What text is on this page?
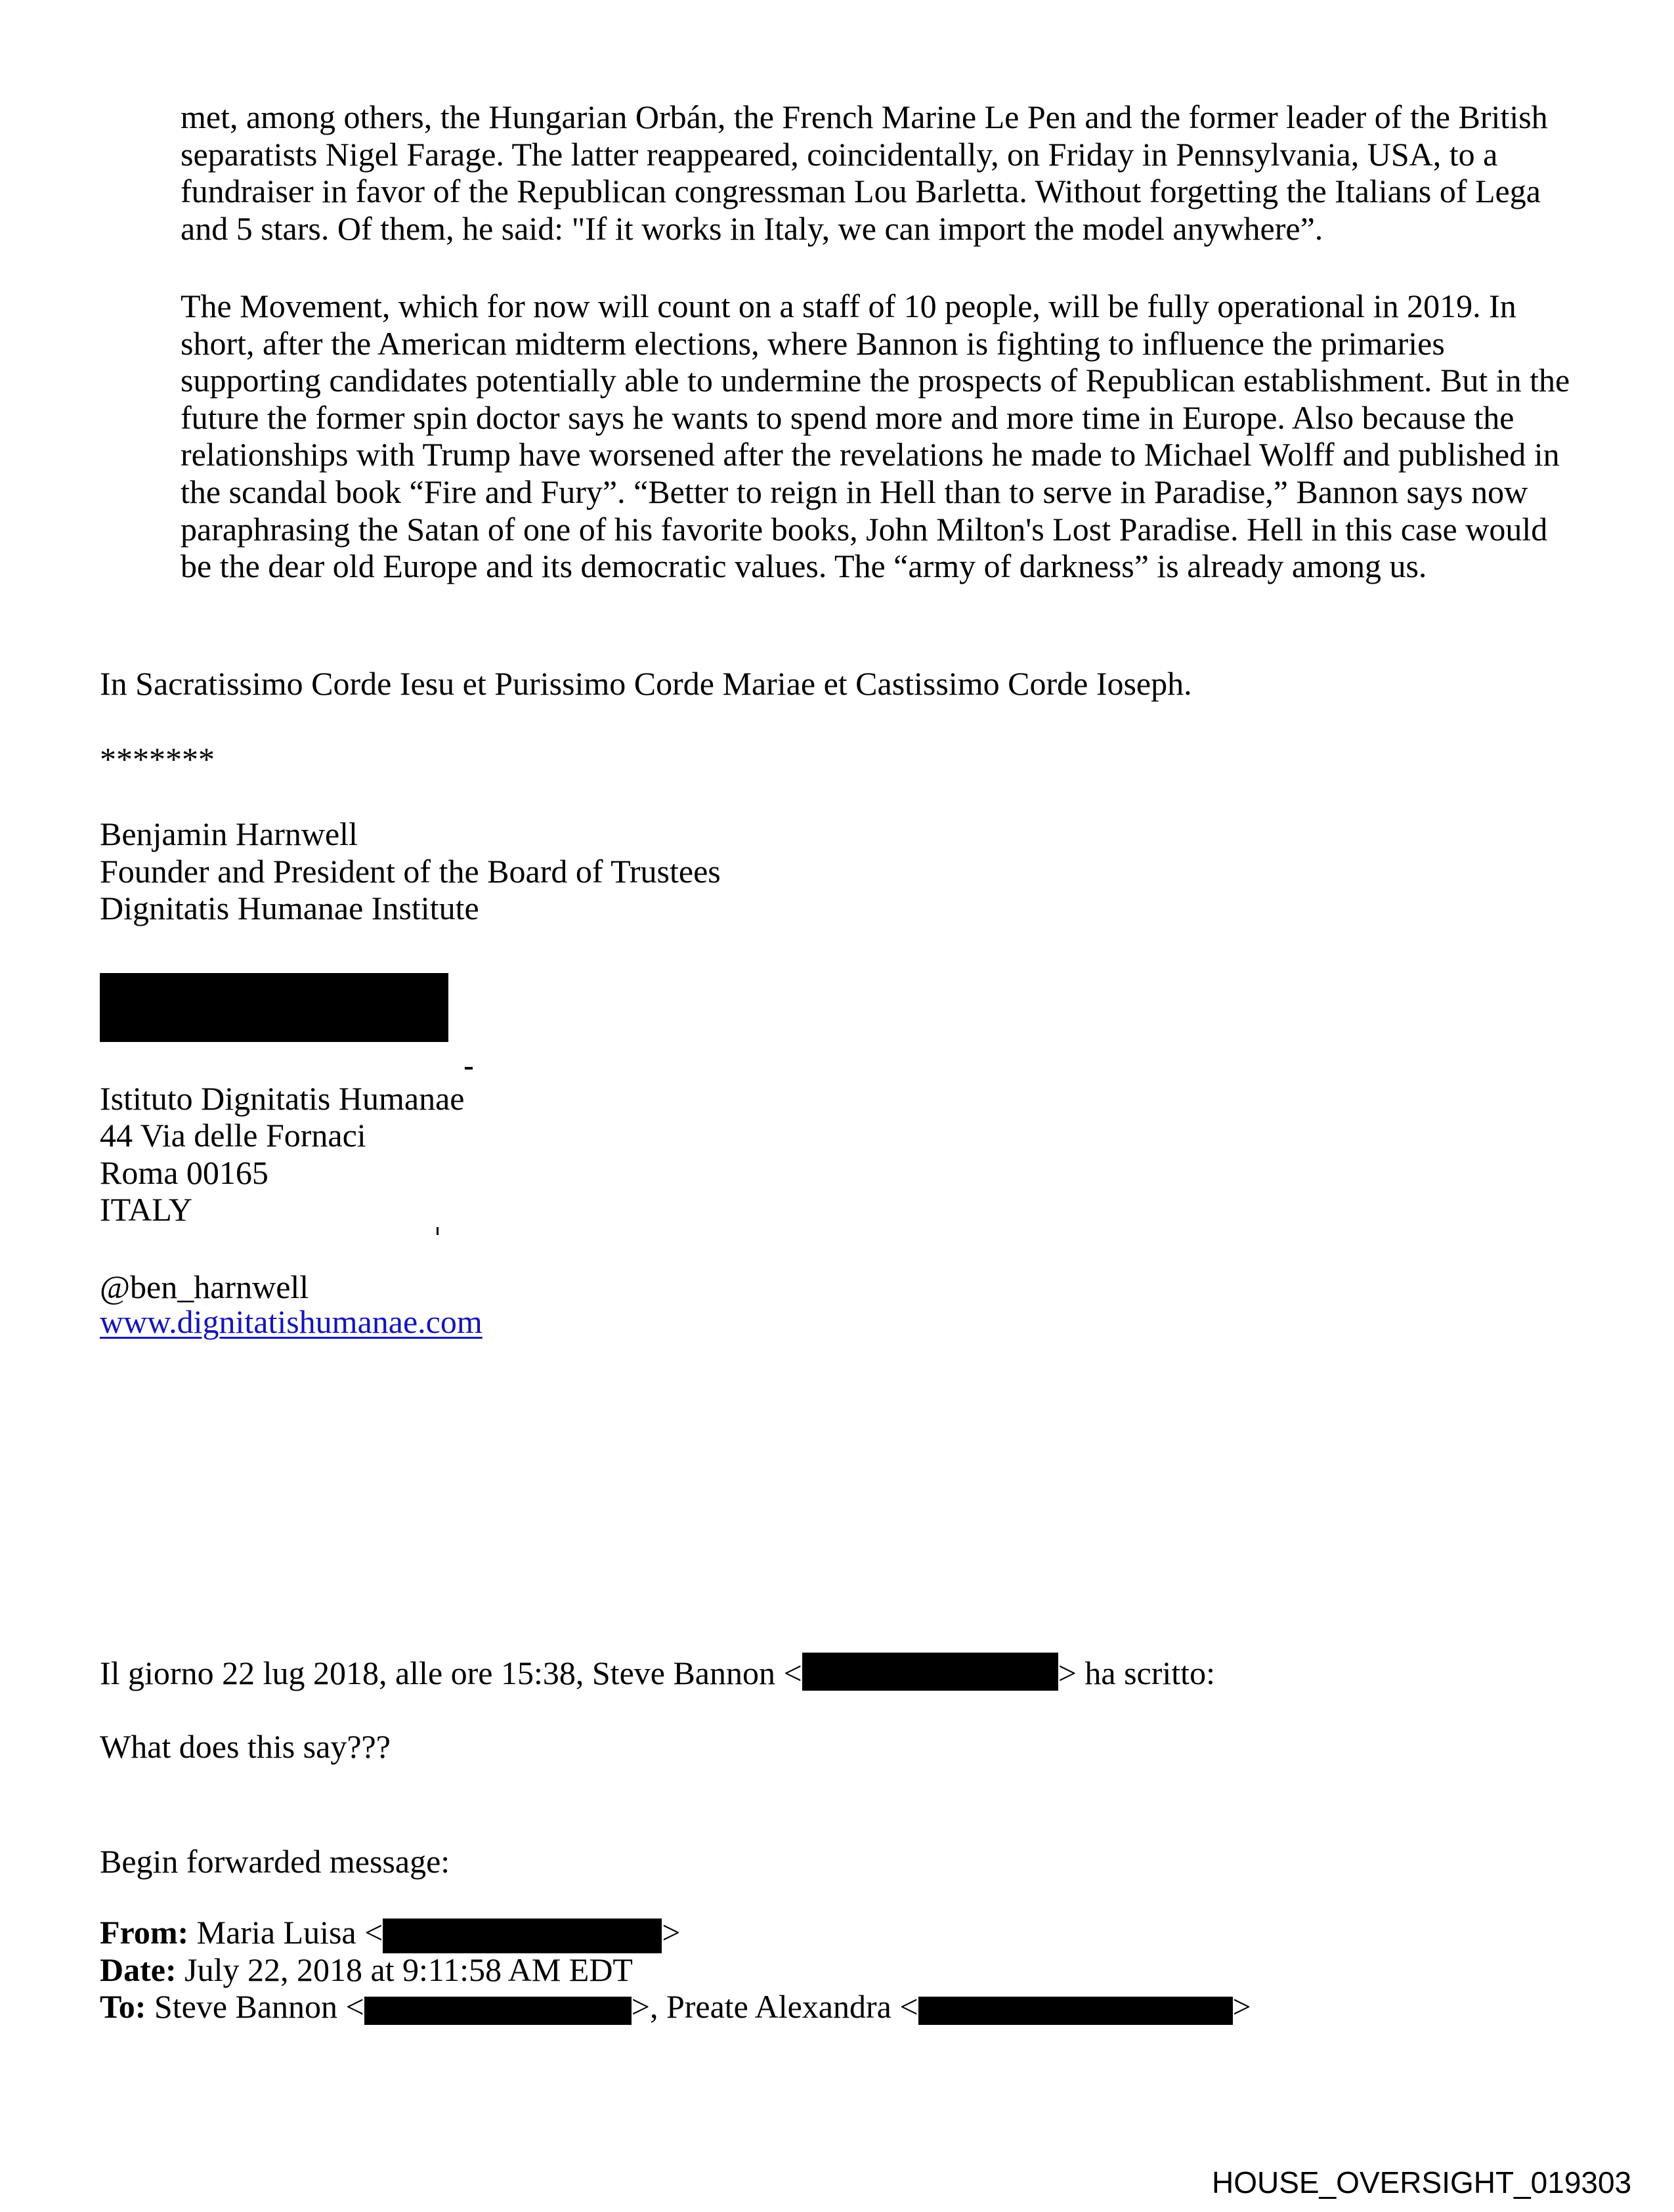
met, among others, the Hungarian Orbán, the French Marine Le Pen and the former leader of the British
separatists Nigel Farage. The latter reappeared, coincidentally, on Friday in Pennsylvania, USA, to a
fundraiser in favor of the Republican congressman Lou Barletta. Without forgetting the Italians of Lega
and 5 stars. Of them, he said: "If it works in Italy, we can import the model anywhere”.
The Movement, which for now will count on a staff of 10 people, will be fully operational in 2019. In
short, after the American midterm elections, where Bannon is fighting to influence the primaries
supporting candidates potentially able to undermine the prospects of Republican establishment. But in the
future the former spin doctor says he wants to spend more and more time in Europe. Also because the
relationships with Trump have worsened after the revelations he made to Michael Wolff and published in
the scandal book “Fire and Fury”. “Better to reign in Hell than to serve in Paradise,” Bannon says now
paraphrasing the Satan of one of his favorite books, John Milton's Lost Paradise. Hell in this case would
be the dear old Europe and its democratic values. The “army of darkness” is already among us.
In Sacratissimo Corde Iesu et Purissimo Corde Mariae et Castissimo Corde Ioseph.
*******
Benjamin Harnwell
Founder and President of the Board of Trustees
Dignitatis Humanae Institute
Istituto Dignitatis Humanae
44 Via delle Fornaci
Roma 00165
ITALY
@ben_harnwell
www.dignitatishumanae.com
Il giorno 22 lug 2018, alle ore 15:38, Steve Bannon <	> ha scritto:
What does this say???
Begin forwarded message:
From: Maria Luisa <	>
Date: July 22, 2018 at 9:11:58 AM EDT
To: Steve Bannon <	>, Preate Alexandra <	>
HOUSE_OVERSIGHT_019303
